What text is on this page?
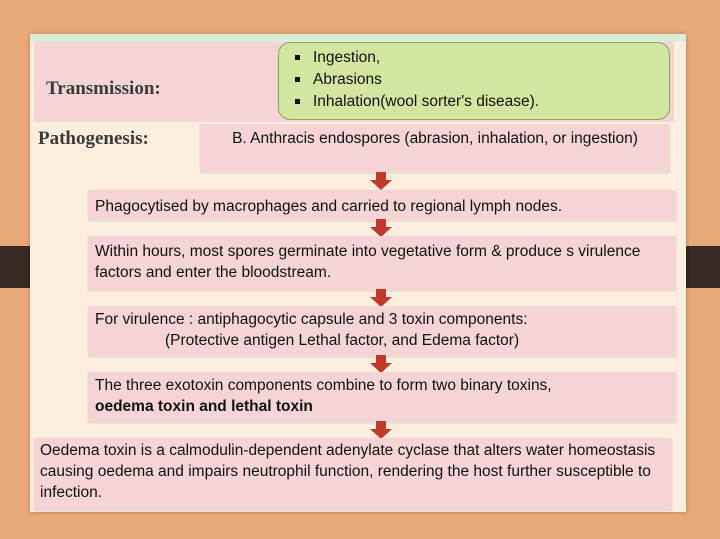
Transmission:
Ingestion,
Abrasions
Inhalation(wool sorter's disease).
Pathogenesis:	B. Anthracis endospores (abrasion, inhalation, or ingestion)
Phagocytised by macrophages and carried to regional lymph nodes.
Within hours, most spores germinate into vegetative form & produce s virulence factors and enter the bloodstream.
For virulence : antiphagocytic capsule and 3 toxin components:
(Protective antigen Lethal factor, and Edema factor)
The three exotoxin components combine to form two binary toxins,
oedema toxin and lethal toxin
Oedema toxin is a calmodulin-dependent adenylate cyclase that alters water homeostasis causing oedema and impairs neutrophil function, rendering the host further susceptible to infection.
